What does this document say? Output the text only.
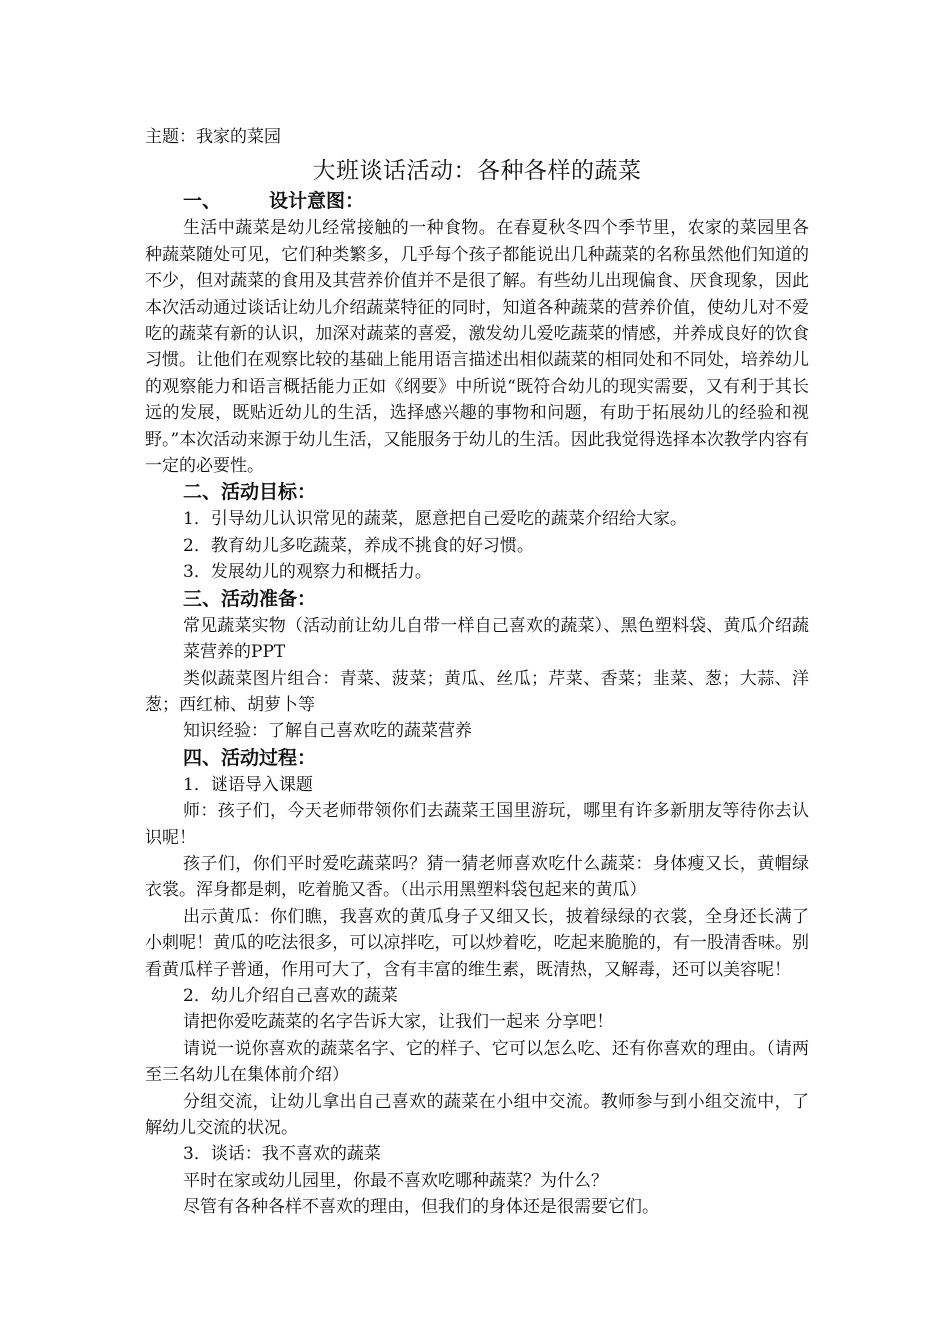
主题：我家的菜园

大班谈话活动：各种各样的蔬菜
一、	设计意图：

生活中蔬菜是幼儿经常接触的一种食物。在春夏秋冬四个季节里，农家的菜园里各种蔬菜随处可见，它们种类繁多，几乎每个孩子都能说出几种蔬菜的名称虽然他们知道的不少，但对蔬菜的食用及其营养价值并不是很了解。有些幼儿出现偏食、厌食现象，因此本次活动通过谈话让幼儿介绍蔬菜特征的同时，知道各种蔬菜的营养价值，使幼儿对不爱吃的蔬菜有新的认识，加深对蔬菜的喜爱，激发幼儿爱吃蔬菜的情感，并养成良好的饮食习惯。让他们在观察比较的基础上能用语言描述出相似蔬菜的相同处和不同处，培养幼儿的观察能力和语言概括能力正如《纲要》中所说“既符合幼儿的现实需要，又有利于其长远的发展，既贴近幼儿的生活，选择感兴趣的事物和问题，有助于拓展幼儿的经验和视野。”本次活动来源于幼儿生活，又能服务于幼儿的生活。因此我觉得选择本次教学内容有一定的必要性。

二、活动目标：

1．引导幼儿认识常见的蔬菜，愿意把自己爱吃的蔬菜介绍给大家。

2．教育幼儿多吃蔬菜，养成不挑食的好习惯。

3．发展幼儿的观察力和概括力。

三、活动准备：

常见蔬菜实物（活动前让幼儿自带一样自己喜欢的蔬菜）、黑色塑料袋、黄瓜介绍蔬菜营养的PPT

类似蔬菜图片组合：青菜、菠菜；黄瓜、丝瓜；芹菜、香菜；韭菜、葱；大蒜、洋葱；西红柿、胡萝卜等

知识经验：了解自己喜欢吃的蔬菜营养

四、活动过程：

1．谜语导入课题

师：孩子们，今天老师带领你们去蔬菜王国里游玩，哪里有许多新朋友等待你去认识呢！

孩子们，你们平时爱吃蔬菜吗？猜一猜老师喜欢吃什么蔬菜：身体瘦又长，黄帽绿衣裳。浑身都是刺，吃着脆又香。（出示用黑塑料袋包起来的黄瓜）

出示黄瓜：你们瞧，我喜欢的黄瓜身子又细又长，披着绿绿的衣裳，全身还长满了小刺呢！黄瓜的吃法很多，可以凉拌吃，可以炒着吃，吃起来脆脆的，有一股清香味。别看黄瓜样子普通，作用可大了，含有丰富的维生素，既清热，又解毒，还可以美容呢！

2．幼儿介绍自己喜欢的蔬菜

请把你爱吃蔬菜的名字告诉大家，让我们一起来 分享吧！

请说一说你喜欢的蔬菜名字、它的样子、它可以怎么吃、还有你喜欢的理由。（请两至三名幼儿在集体前介绍）

分组交流，让幼儿拿出自己喜欢的蔬菜在小组中交流。教师参与到小组交流中，了解幼儿交流的状况。

3．谈话：我不喜欢的蔬菜

平时在家或幼儿园里，你最不喜欢吃哪种蔬菜？为什么？

尽管有各种各样不喜欢的理由，但我们的身体还是很需要它们。
